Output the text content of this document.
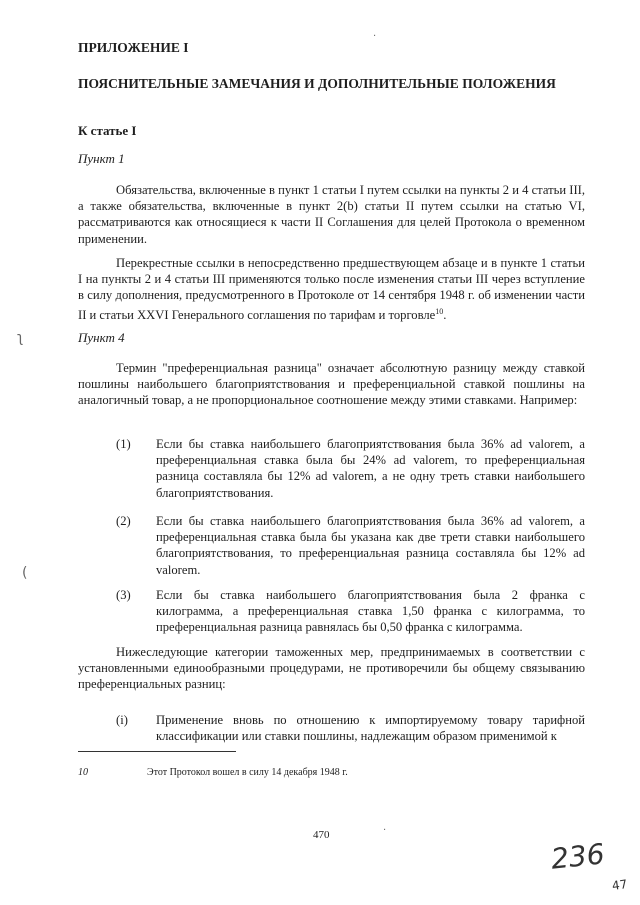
ПРИЛОЖЕНИЕ I
ПОЯСНИТЕЛЬНЫЕ ЗАМЕЧАНИЯ И ДОПОЛНИТЕЛЬНЫЕ ПОЛОЖЕНИЯ
К статье I
Пункт 1
Обязательства, включенные в пункт 1 статьи I путем ссылки на пункты 2 и 4 статьи III, а также обязательства, включенные в пункт 2(b) статьи II путем ссылки на статью VI, рассматриваются как относящиеся к части II Соглашения для целей Протокола о временном применении.
Перекрестные ссылки в непосредственно предшествующем абзаце и в пункте 1 статьи I на пункты 2 и 4 статьи III применяются только после изменения статьи III через вступление в силу дополнения, предусмотренного в Протоколе от 14 сентября 1948 г. об изменении части II и статьи XXVI Генерального соглашения по тарифам и торговле$^{10}$.
Пункт 4
Термин "преференциальная разница" означает абсолютную разницу между ставкой пошлины наибольшего благоприятствования и преференциальной ставкой пошлины на аналогичный товар, а не пропорциональное соотношение между этими ставками. Например:
(1) Если бы ставка наибольшего благоприятствования была 36% ad valorem, а преференциальная ставка была бы 24% ad valorem, то преференциальная разница составляла бы 12% ad valorem, а не одну треть ставки наибольшего благоприятствования.
(2) Если бы ставка наибольшего благоприятствования была 36% ad valorem, а преференциальная ставка была бы указана как две трети ставки наибольшего благоприятствования, то преференциальная разница составляла бы 12% ad valorem.
(3) Если бы ставка наибольшего благоприятствования была 2 франка с килограмма, а преференциальная ставка 1,50 франка с килограмма, то преференциальная разница равнялась бы 0,50 франка с килограмма.
Нижеследующие категории таможенных мер, предпринимаемых в соответствии с установленными единообразными процедурами, не противоречили бы общему связыванию преференциальных разниц:
(i) Применение вновь по отношению к импортируемому товару тарифной классификации или ставки пошлины, надлежащим образом применимой к
10	Этот Протокол вошел в силу 14 декабря 1948 г.
470
236
47
ʅ
(
·
·
